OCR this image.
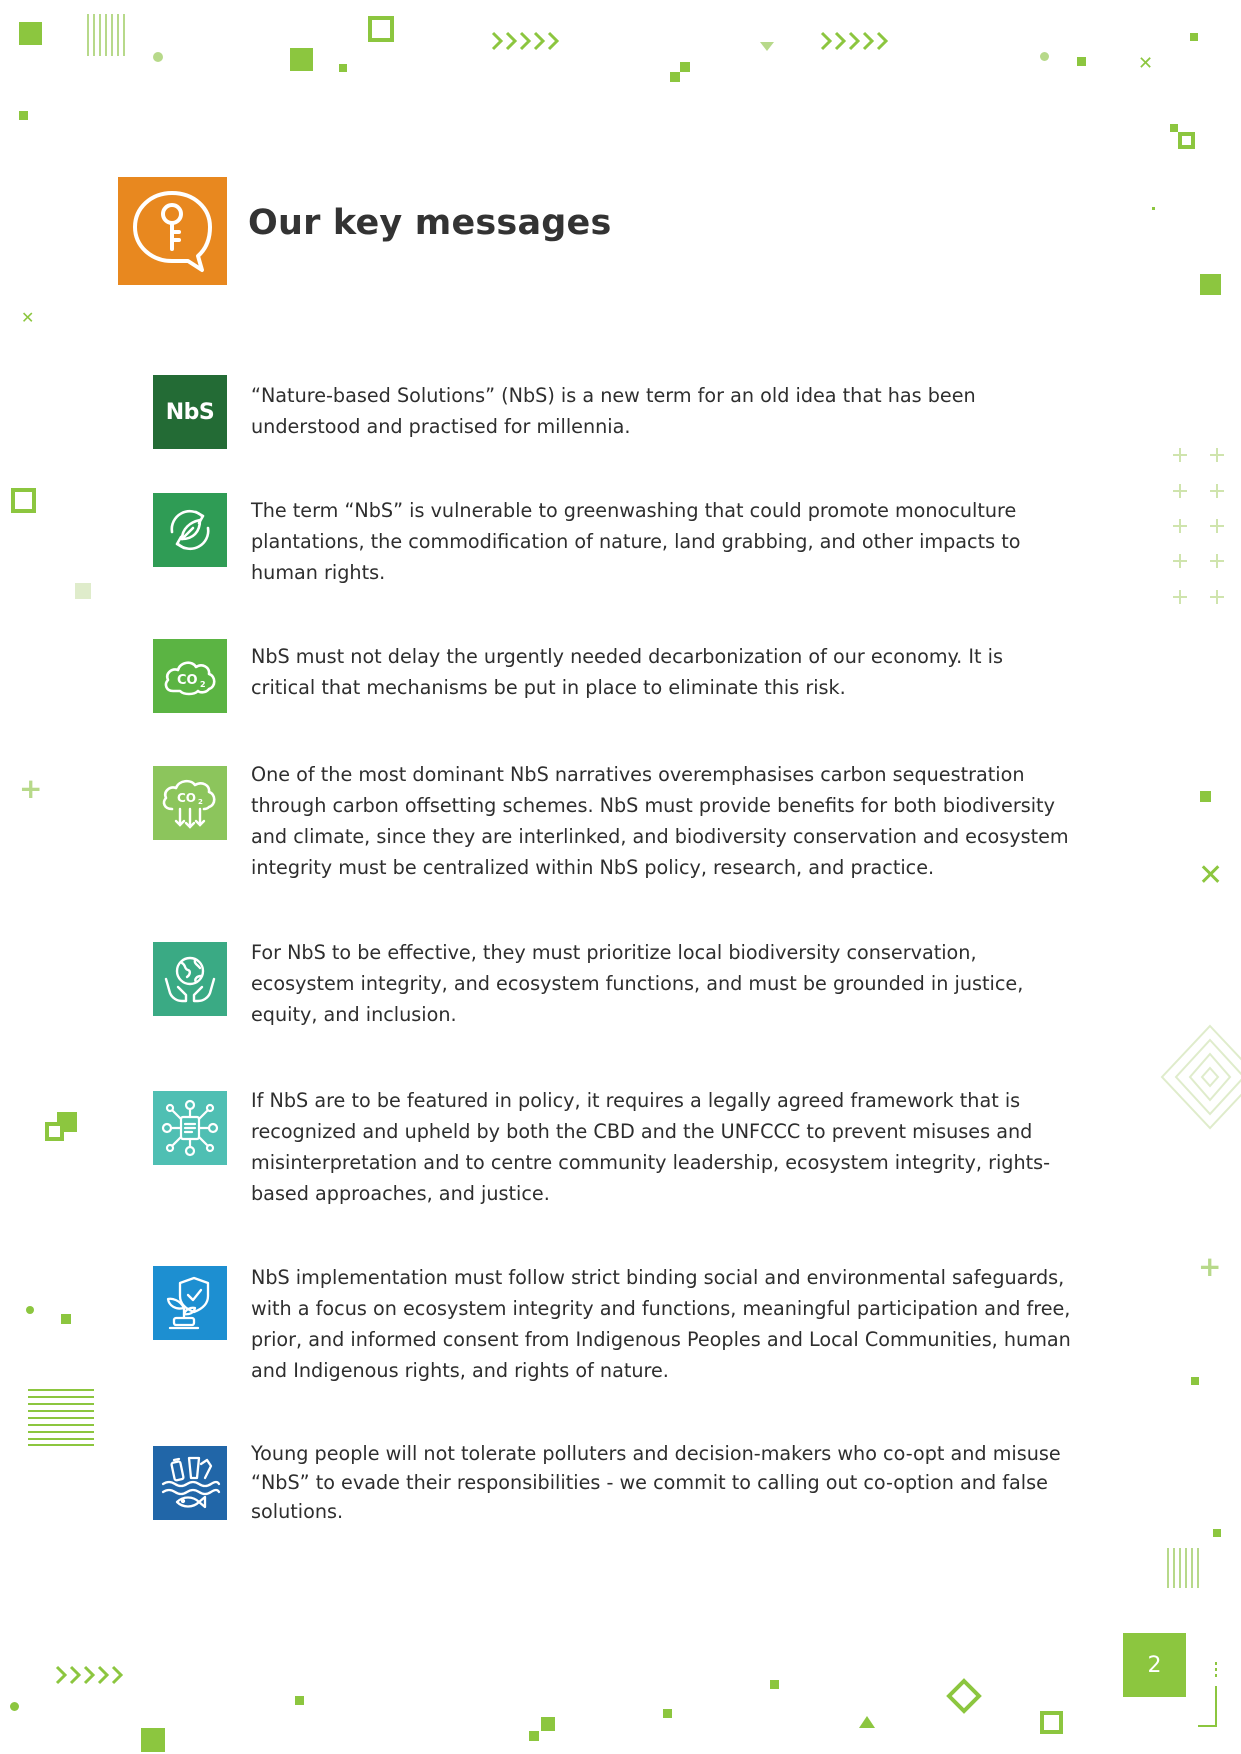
✕
✕
+
✕
+
Our key messages
NbS

“Nature-based Solutions” (NbS) is a new term for an old idea that has been understood and practised for millennia.

The term “NbS” is vulnerable to greenwashing that could promote monoculture plantations, the commodification of nature, land grabbing, and other impacts to human rights.

CO 2

NbS must not delay the urgently needed decarbonization of our economy. It is critical that mechanisms be put in place to eliminate this risk.

CO 2

One of the most dominant NbS narratives overemphasises carbon sequestration through carbon offsetting schemes. NbS must provide benefits for both biodiversity and climate, since they are interlinked, and biodiversity conservation and ecosystem integrity must be centralized within NbS policy, research, and practice.

For NbS to be effective, they must prioritize local biodiversity conservation, ecosystem integrity, and ecosystem functions, and must be grounded in justice, equity, and inclusion.

If NbS are to be featured in policy, it requires a legally agreed framework that is recognized and upheld by both the CBD and the UNFCCC to prevent misuses and misinterpretation and to centre community leadership, ecosystem integrity, rights-based approaches, and justice.

NbS implementation must follow strict binding social and environmental safeguards, with a focus on ecosystem integrity and functions, meaningful participation and free, prior, and informed consent from Indigenous Peoples and Local Communities, human and Indigenous rights, and rights of nature.

Young people will not tolerate polluters and decision-makers who co-opt and misuse “NbS” to evade their responsibilities - we commit to calling out co-option and false solutions.

2
